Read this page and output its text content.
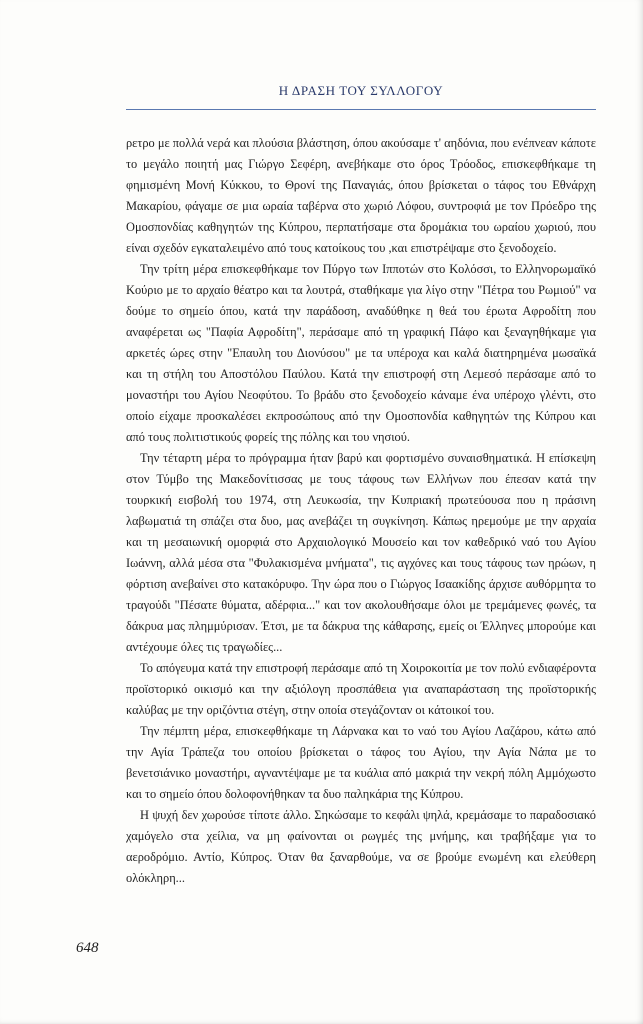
Η ΔΡΑΣΗ ΤΟΥ ΣΥΛΛΟΓΟΥ

ρετρο με πολλά νερά και πλούσια βλάστηση, όπου ακούσαμε τ' αηδόνια, που ενέπνεαν κάποτε το μεγάλο ποιητή μας Γιώργο Σεφέρη, ανεβήκαμε στο όρος Τρόοδος, επισκεφθήκαμε τη φημισμένη Μονή Κύκκου, το Θρονί της Παναγιάς, όπου βρίσκεται ο τάφος του Εθνάρχη Μακαρίου, φάγαμε σε μια ωραία ταβέρνα στο χωριό Λόφου, συντροφιά με τον Πρόεδρο της Ομοσπονδίας καθηγητών της Κύπρου, περπατήσαμε στα δρομάκια του ωραίου χωριού, που είναι σχεδόν εγκαταλειμένο από τους κατοίκους του ,και επιστρέψαμε στο ξενοδοχείο.

Την τρίτη μέρα επισκεφθήκαμε τον Πύργο των Ιπποτών στο Κολόσσι, το Ελληνορωμαϊκό Κούριο με το αρχαίο θέατρο και τα λουτρά, σταθήκαμε για λίγο στην "Πέτρα του Ρωμιού" να δούμε το σημείο όπου, κατά την παράδοση, αναδύθηκε η θεά του έρωτα Αφροδίτη που αναφέρεται ως "Παφία Αφροδίτη", περάσαμε από τη γραφική Πάφο και ξεναγηθήκαμε για αρκετές ώρες στην "Επαυλη του Διονύσου" με τα υπέροχα και καλά διατηρημένα μωσαϊκά και τη στήλη του Αποστόλου Παύλου. Κατά την επιστροφή στη Λεμεσό περάσαμε από το μοναστήρι του Αγίου Νεοφύτου. Το βράδυ στο ξενοδοχείο κάναμε ένα υπέροχο γλέντι, στο οποίο είχαμε προσκαλέσει εκπροσώπους από την Ομοσπονδία καθηγητών της Κύπρου και από τους πολιτιστικούς φορείς της πόλης και του νησιού.

Την τέταρτη μέρα το πρόγραμμα ήταν βαρύ και φορτισμένο συναισθηματικά. Η επίσκεψη στον Τύμβο της Μακεδονίτισσας με τους τάφους των Ελλήνων που έπεσαν κατά την τουρκική εισβολή του 1974, στη Λευκωσία, την Κυπριακή πρωτεύουσα που η πράσινη λαβωματιά τη σπάζει στα δυο, μας ανεβάζει τη συγκίνηση. Κάπως ηρεμούμε με την αρχαία και τη μεσαιωνική ομορφιά στο Αρχαιολογικό Μουσείο και τον καθεδρικό ναό του Αγίου Ιωάννη, αλλά μέσα στα "Φυλακισμένα μνήματα", τις αγχόνες και τους τάφους των ηρώων, η φόρτιση ανεβαίνει στο κατακόρυφο. Την ώρα που ο Γιώργος Ισαακίδης άρχισε αυθόρμητα το τραγούδι "Πέσατε θύματα, αδέρφια..." και τον ακολουθήσαμε όλοι με τρεμάμενες φωνές, τα δάκρυα μας πλημμύρισαν. Έτσι, με τα δάκρυα της κάθαρσης, εμείς οι Έλληνες μπορούμε και αντέχουμε όλες τις τραγωδίες...

Το απόγευμα κατά την επιστροφή περάσαμε από τη Χοιροκοιτία με τον πολύ ενδιαφέροντα προϊστορικό οικισμό και την αξιόλογη προσπάθεια για αναπαράσταση της προϊστορικής καλύβας με την οριζόντια στέγη, στην οποία στεγάζονταν οι κάτοικοί του.

Την πέμπτη μέρα, επισκεφθήκαμε τη Λάρνακα και το ναό του Αγίου Λαζάρου, κάτω από την Αγία Τράπεζα του οποίου βρίσκεται ο τάφος του Αγίου, την Αγία Νάπα με το βενετσιάνικο μοναστήρι, αγναντέψαμε με τα κυάλια από μακριά την νεκρή πόλη Αμμόχωστο και το σημείο όπου δολοφονήθηκαν τα δυο παληκάρια της Κύπρου.

Η ψυχή δεν χωρούσε τίποτε άλλο. Σηκώσαμε το κεφάλι ψηλά, κρεμάσαμε το παραδοσιακό χαμόγελο στα χείλια, να μη φαίνονται οι ρωγμές της μνήμης, και τραβήξαμε για το αεροδρόμιο. Αντίο, Κύπρος. Όταν θα ξαναρθούμε, να σε βρούμε ενωμένη και ελεύθερη ολόκληρη...

648
